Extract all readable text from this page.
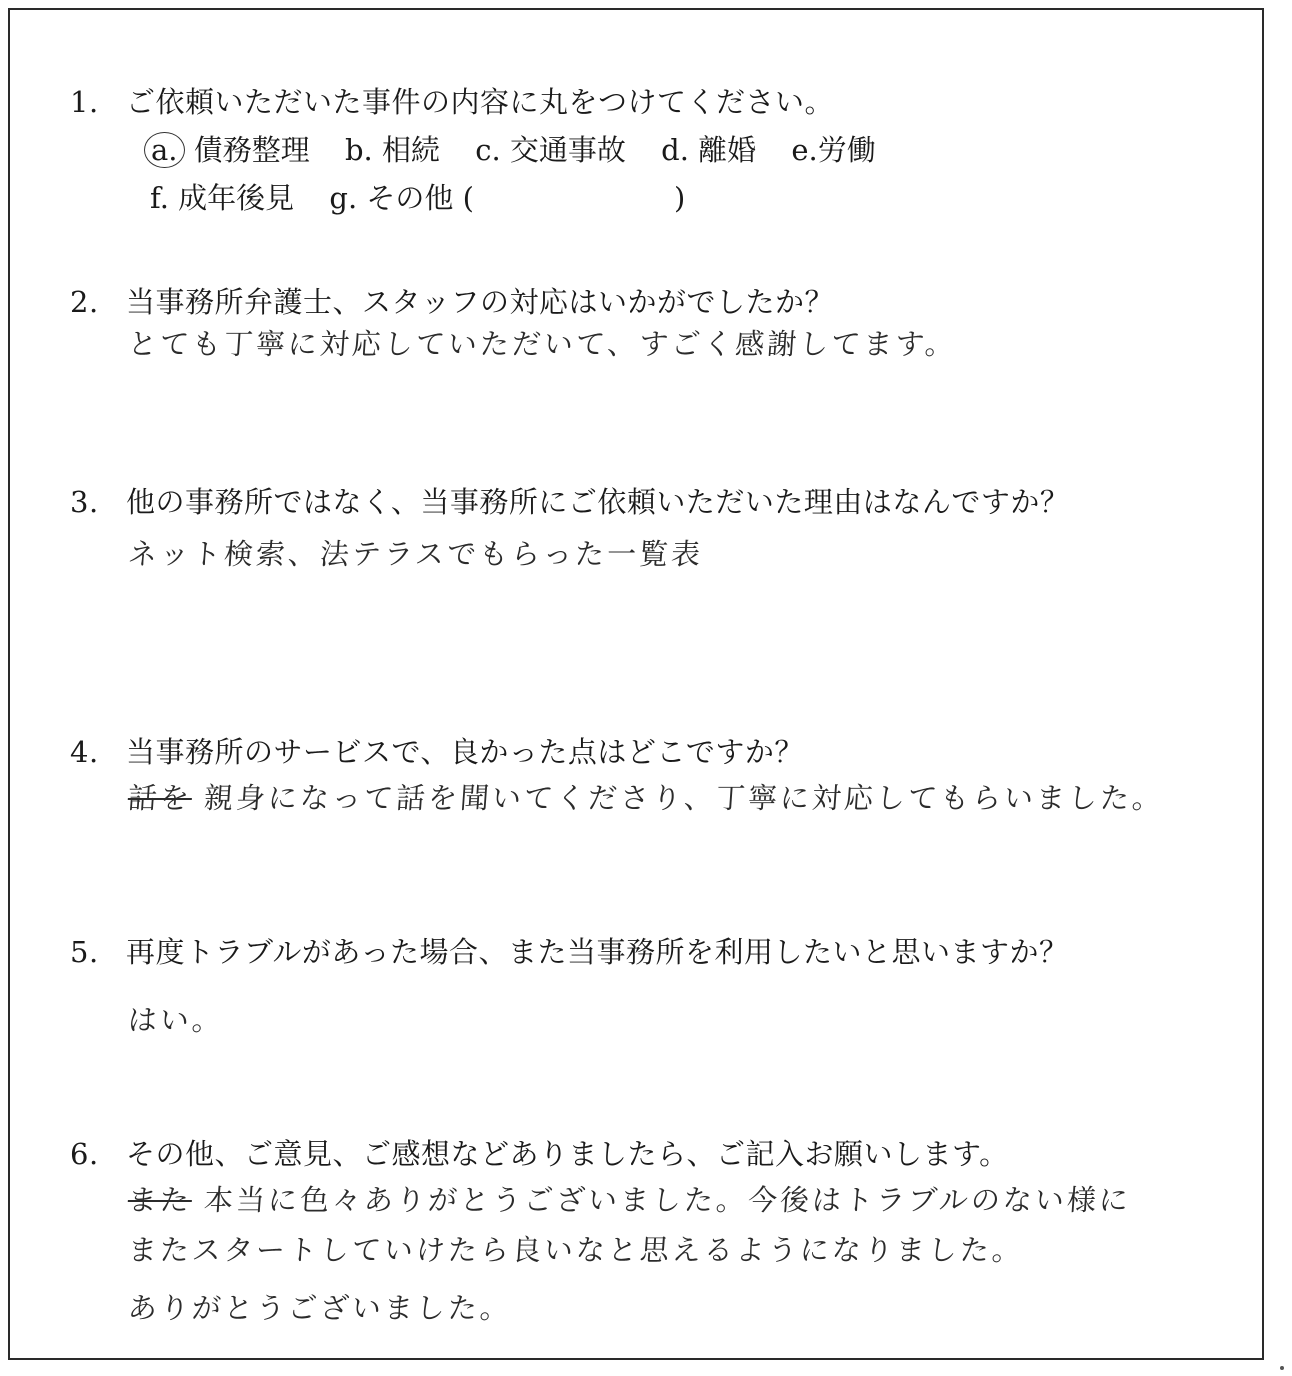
1. ご依頼いただいた事件の内容に丸をつけてください。
a. 債務整理 b. 相続 c. 交通事故 d. 離婚 e.労働
f. 成年後見 g. その他 (	)
2. 当事務所弁護士、スタッフの対応はいかがでしたか？
とても丁寧に対応していただいて、すごく感謝してます。
3. 他の事務所ではなく、当事務所にご依頼いただいた理由はなんですか？
ネット検索、法テラスでもらった一覧表
4. 当事務所のサービスで、良かった点はどこですか？
話を 親身になって話を聞いてくださり、丁寧に対応してもらいました。
5. 再度トラブルがあった場合、また当事務所を利用したいと思いますか？
はい。
6. その他、ご意見、ご感想などありましたら、ご記入お願いします。
また 本当に色々ありがとうございました。今後はトラブルのない様に
またスタートしていけたら良いなと思えるようになりました。
ありがとうございました。
